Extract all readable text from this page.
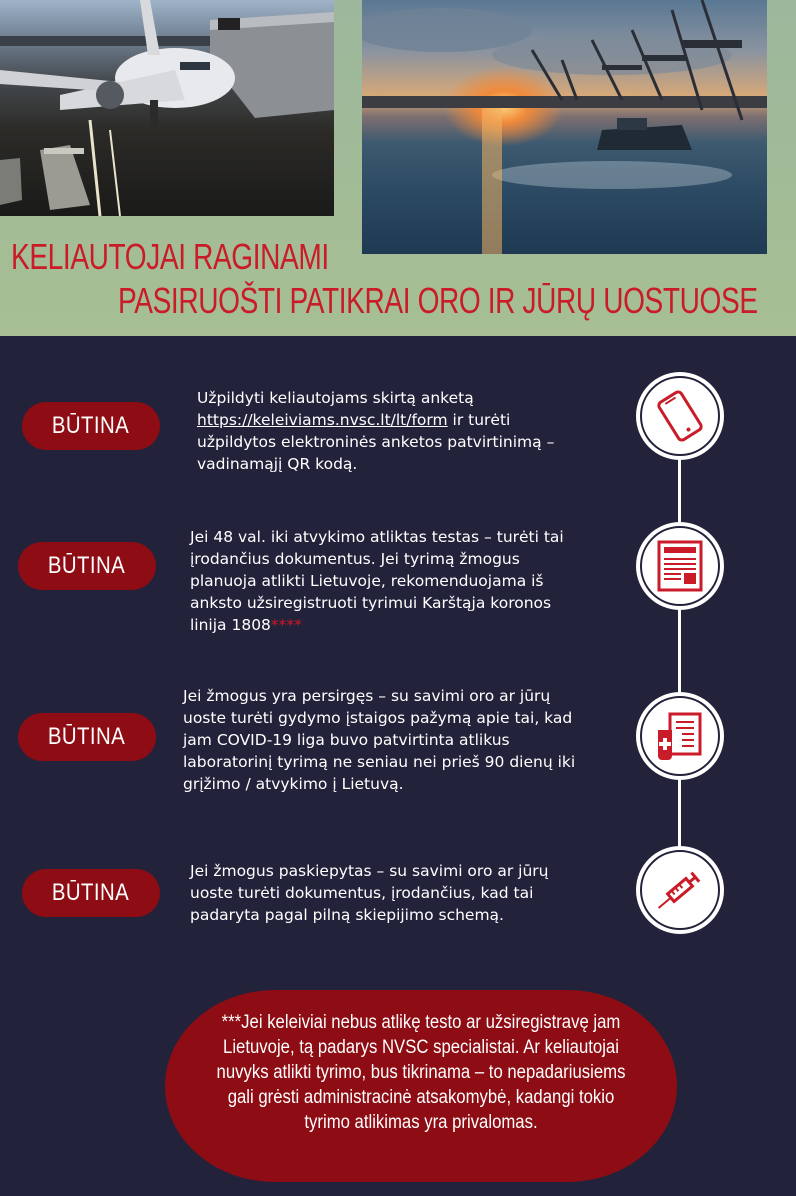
KELIAUTOJAI RAGINAMI
PASIRUOŠTI PATIKRAI ORO IR JŪRŲ UOSTUOSE
BŪTINA
Užpildyti keliautojams skirtą anketą https://keleiviams.nvsc.lt/lt/form ir turėti užpildytos elektroninės anketos patvirtinimą – vadinamąjį QR kodą.
BŪTINA
Jei 48 val. iki atvykimo atliktas testas – turėti tai įrodančius dokumentus. Jei tyrimą žmogus planuoja atlikti Lietuvoje, rekomenduojama iš anksto užsiregistruoti tyrimui Karštąja koronos linija 1808****
BŪTINA
Jei žmogus yra persirgęs – su savimi oro ar jūrų uoste turėti gydymo įstaigos pažymą apie tai, kad jam COVID-19 liga buvo patvirtinta atlikus laboratorinį tyrimą ne seniau nei prieš 90 dienų iki grįžimo / atvykimo į Lietuvą.
BŪTINA
Jei žmogus paskiepytas – su savimi oro ar jūrų uoste turėti dokumentus, įrodančius, kad tai padaryta pagal pilną skiepijimo schemą.
***Jei keleiviai nebus atlikę testo ar užsiregistravę jam Lietuvoje, tą padarys NVSC specialistai. Ar keliautojai nuvyks atlikti tyrimo, bus tikrinama – to nepadariusiems gali grėsti administracinė atsakomybė, kadangi tokio tyrimo atlikimas yra privalomas.
